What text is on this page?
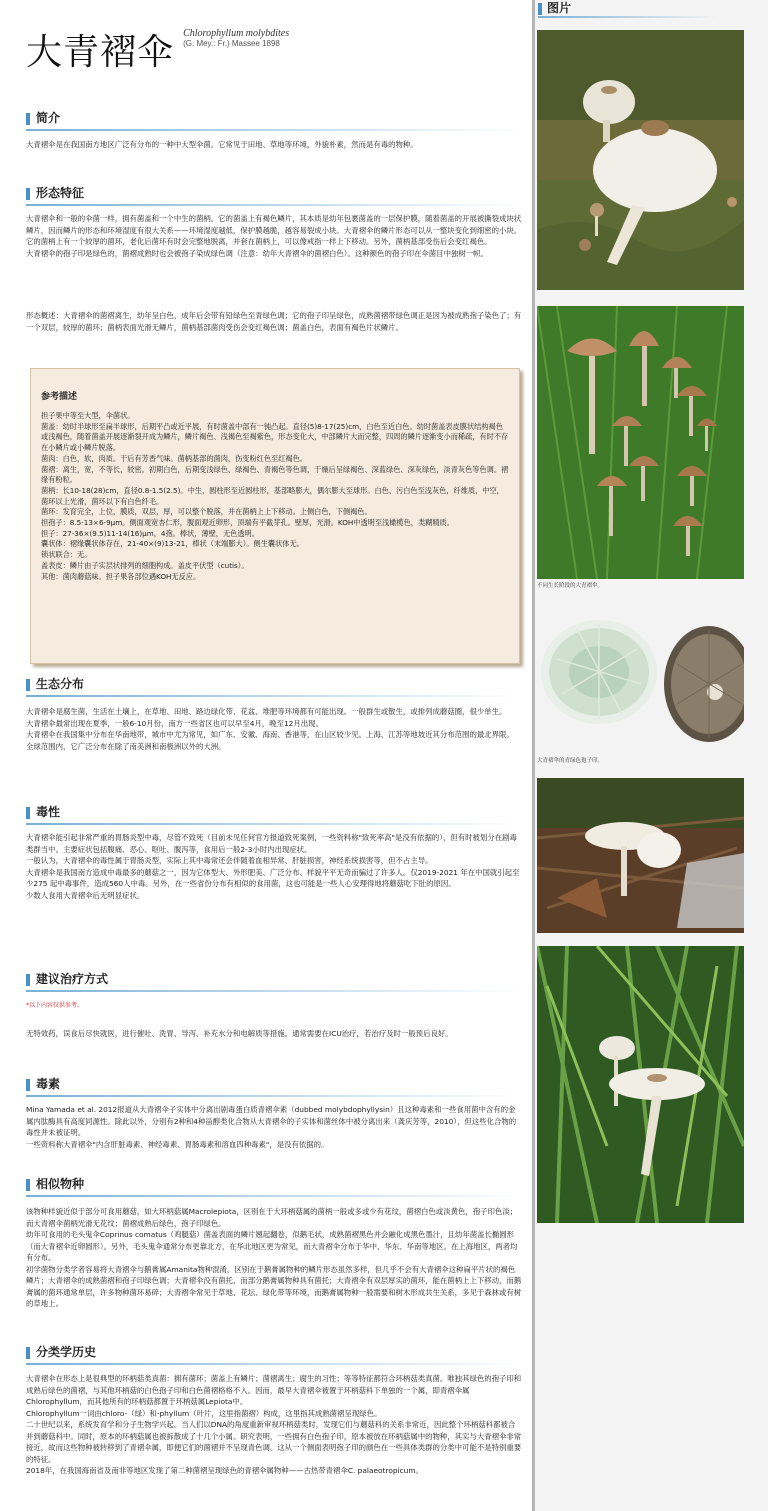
大青褶伞 Chlorophyllum molybdites
(G. Mey.: Fr.) Massee 1898
简介

大青褶伞是在我国南方地区广泛有分布的一种中大型伞菌。它常见于田地、草地等环境，外貌朴素，然而是有毒的物种。

形态特征

大青褶伞和一般的伞菌一样，拥有菌盖和一个中生的菌柄。它的菌盖上有褐色鳞片，其本质是幼年包裹菌盖的一层保护膜，随着菌盖的开展被撕裂成块状鳞片，因而鳞片的形态和环境湿度有很大关系——环境湿度越低，保护膜越脆，越容易裂成小块。大青褶伞的鳞片形态可以从一整块变化到细密的小块。它的菌柄上有一个较厚的菌环，老化后菌环有时会完整地脱离，并套在菌柄上，可以像戒指一样上下移动。另外，菌柄基部受伤后会变红褐色。

大青褶伞的孢子印是绿色的，菌褶成熟时也会被孢子染成绿色调（注意：幼年大青褶伞的菌褶白色）。这种颜色的孢子印在伞菌目中独树一帜。

形态概述：大青褶伞的菌褶离生，幼年呈白色，成年后会带有铅绿色至青绿色调；它的孢子印呈绿色，成熟菌褶带绿色调正是因为被成熟孢子染色了；有一个双层，较厚的菌环；菌柄表面光滑无鳞片，菌柄基部菌肉受伤会变红褐色调；菌盖白色，表面有褐色片状鳞片。

参考描述

担子果中等至大型，伞菌状。

菌盖：幼时半球形至扁半球形，后期平凸或近平展，有时菌盖中部有一钝凸起。直径(5)8-17(25)cm，白色至近白色。幼时菌盖表皮膜状结构褐色或浅褐色，随着菌盖开展逐渐裂开成为鳞片，鳞片褐色、浅褐色至褐紫色，形态变化大，中部鳞片大而完整，四周的鳞片逐渐变小而稀疏，有时不存在小鳞片或小鳞片脱落。

菌肉：白色，软，肉质。干后有芳香气味。菌柄基部的菌肉，伤变粉红色至红褐色。

菌褶：离生，宽，不等长，较密。初期白色，后期变浅绿色、绿褐色、青褐色等色调，干燥后呈绿褐色、深蓝绿色、深灰绿色，淡青灰色等色调。褶缘有粉粒。

菌柄：长10-18(28)cm，直径0.8-1.5(2.5)。中生，圆柱形至近圆柱形，基部略膨大，偶尔膨大至球形。白色、污白色至浅灰色，纤维质，中空，菌环以上光滑，菌环以下有白色纤毛。

菌环：发育完全，上位，膜质，双层，厚，可以整个脱落，并在菌柄上上下移动。上侧白色，下侧褐色。

担孢子：8.5-13×6-9μm。侧面观宽杏仁形，腹面观近卵形，顶端有平截芽孔。壁厚，光滑。KOH中透明至浅橄榄色，类糊精质。

担子：27-36×(9.5)11-14(16)μm，4孢。棒状，薄壁，无色透明。

囊状体：褶缘囊状体存在，21-40×(9)13-21，棒状（末端膨大）。侧生囊状体无。

锁状联合：无。

盖表皮：鳞片由子实层状排列的细胞构成。盖皮平伏型（cutis）。

其他：菌肉蘑菇味。担子果各部位遇KOH无反应。

生态分布

大青褶伞是腐生菌，生活在土壤上，在草地、田地、路边绿化带、花盆、堆肥等环境都有可能出现。一般群生或散生，或排列成蘑菇圈，很少单生。

大青褶伞最常出现在夏季，一般6-10月份，南方一些省区也可以早至4月，晚至12月出现。

大青褶伞在我国集中分布在华南地带，城市中尤为常见，如广东、安徽、海南、香港等，在山区较少见。上海、江苏等地坡近其分布范围的最北界限。

全球范围内，它广泛分布在除了南美洲和南极洲以外的大洲。

毒性

大青褶伞能引起非常严重的胃肠炎型中毒，尽管不致死（目前未见任何官方报道致死案例，一些资料称"致死率高"是没有依据的），但有时被划分在剧毒类群当中。主要症状包括腹痛、恶心、呕吐、腹泻等，食用后一般2-3小时内出现症状。

一般认为，大青褶伞的毒性属于胃肠炎型，实际上其中毒常还会伴随着血相异常、肝脏损害，神经系统损害等，但不占主导。

大青褶伞是我国南方造成中毒最多的蘑菇之一，因为它体型大、外形肥美、广泛分布、样貌平平无奇而骗过了许多人。仅2019-2021 年在中国就引起至少275 起中毒事件，造成560人中毒。另外，在一些省份分布有相似的食用菌，这也可能是一些人心安理得地将蘑菇吃下肚的原因。

少数人食用大青褶伞后无明显症状。

建议治疗方式
*以下内容仅供参考。

无特效药，误食后尽快就医，进行催吐、洗胃、导泻、补充水分和电解质等措施。通常需要在ICU治疗，若治疗及时一般预后良好。

毒素

Mina Yamada et al. 2012报道从大青褶伞子实体中分离出剧毒蛋白质青褶伞素（dubbed molybdophyllysin）且这种毒素和一些食用菌中含有的金属内肽酶具有高度同源性。除此以外，分别有2种和4种甾醇类化合物从大青褶伞的子实体和菌丝体中被分离出来（龚庆芳等，2010），但这些化合物的毒性并未被证明。

一些资料称大青褶伞"内含肝脏毒素、神经毒素、胃肠毒素和溶血四种毒素"，是没有依据的。

相似物种

该物种样貌近似于部分可食用蘑菇，如大环柄菇属Macrolepiota，区别在于大环柄菇属的菌柄一般或多或少有花纹，菌褶白色或淡黄色，孢子印色淡；而大青褶伞菌柄光滑无花纹；菌褶成熟后绿色，孢子印绿色。

幼年可食用的毛头鬼伞Coprinus comatus（鸡腿菇）菌盖表面的鳞片翘起翻卷，似鹅毛状，成熟菌褶黑色并会融化成黑色墨汁，且幼年菌盖长椭圆形（而大青褶伞近卵圆形）。另外，毛头鬼伞通常分布更靠北方，在华北地区更为常见，而大青褶伞分布于华中、华东、华南等地区。在上海地区，两者均有分布。

初学菌物分类学者容易将大青褶伞与鹅膏属Amanita物种混淆。区别在于鹅膏属物种的鳞片形态虽然多样，但几乎不会有大青褶伞这种扁平片状的褐色鳞片；大青褶伞的成熟菌褶和孢子印绿色调；大青褶伞没有菌托，而部分鹅膏属物种具有菌托；大青褶伞有双层厚实的菌环，能在菌柄上上下移动，而鹅膏属的菌环通常单层，许多物种菌环易碎；大青褶伞常见于草地、花坛、绿化带等环境，而鹅膏属物种一般需要和树木形成共生关系，多见于森林或有树的草地上。

分类学历史

大青褶伞在形态上是很典型的环柄菇类真菌：拥有菌环；菌盖上有鳞片；菌褶离生；腐生的习性；等等特征都符合环柄菇类真菌。唯独其绿色的孢子印和成熟后绿色的菌褶，与其他环柄菇的白色孢子印和白色菌褶格格不入。因而，最早大青褶伞被置于环柄菇科下单独的一个属，即青褶伞属Chlorophyllum，而其他所有的环柄菇都置于环柄菇属Lepiota中。

Chlorophyllum一词由chloro-（绿）和-phyllum（叶片，这里指菌褶）构成，这里指其成熟菌褶呈现绿色。

二十世纪以来，系统发育学和分子生物学兴起。当人们以DNA的角度重新审视环柄菇类时，发现它们与蘑菇科的关系非常近，因此整个环柄菇科都被合并到蘑菇科中。同时，原本的环柄菇属也被拆散成了十几个小属。研究表明，一些拥有白色孢子印，原本被放在环柄菇属中的物种，其实与大青褶伞非常接近，故而这些物种被转移到了青褶伞属，即便它们的菌褶并不呈现青色调。这从一个侧面表明孢子印的颜色在一些具体类群的分类中可能不是特别重要的特征。

2018年，在我国海南省及南非等地区发现了第二种菌褶呈现绿色的青褶伞属物种——古热带青褶伞C. palaeotropicum。

图片
不同生长阶段的大青褶伞。
大青褶伞的青绿色孢子印。
